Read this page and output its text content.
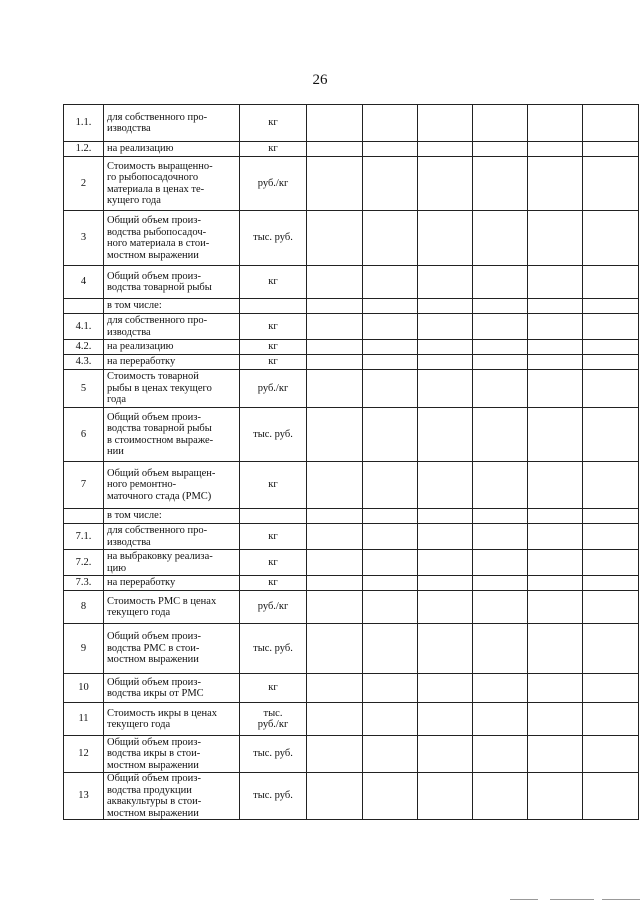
26
1.1.	для собственного про-
изводства	кг						
1.2.	на реализацию	кг						
2	Стоимость выращенно-
го рыбопосадочного
материала в ценах те-
кущего года	руб./кг						
3	Общий объем произ-
водства рыбопосадоч-
ного материала в стои-
мостном выражении	тыс. руб.						
4	Общий объем произ-
водства товарной рыбы	кг						
	в том числе:							
4.1.	для собственного про-
изводства	кг						
4.2.	на реализацию	кг						
4.3.	на переработку	кг						
5	Стоимость товарной
рыбы в ценах текущего
года	руб./кг						
6	Общий объем произ-
водства товарной рыбы
в стоимостном выраже-
нии	тыс. руб.						
7	Общий объем выращен-
ного ремонтно-
маточного стада (РМС)	кг						
	в том числе:							
7.1.	для собственного про-
изводства	кг						
7.2.	на выбраковку реализа-
цию	кг						
7.3.	на переработку	кг						
8	Стоимость РМС в ценах
текущего года	руб./кг						
9	Общий объем произ-
водства РМС в стои-
мостном выражении	тыс. руб.						
10	Общий объем произ-
водства икры от РМС	кг						
11	Стоимость икры в ценах
текущего года	тыс.
руб./кг						
12	Общий объем произ-
водства икры в стои-
мостном выражении	тыс. руб.						
13	Общий объем произ-
водства продукции
аквакультуры в стои-
мостном выражении	тыс. руб.						
